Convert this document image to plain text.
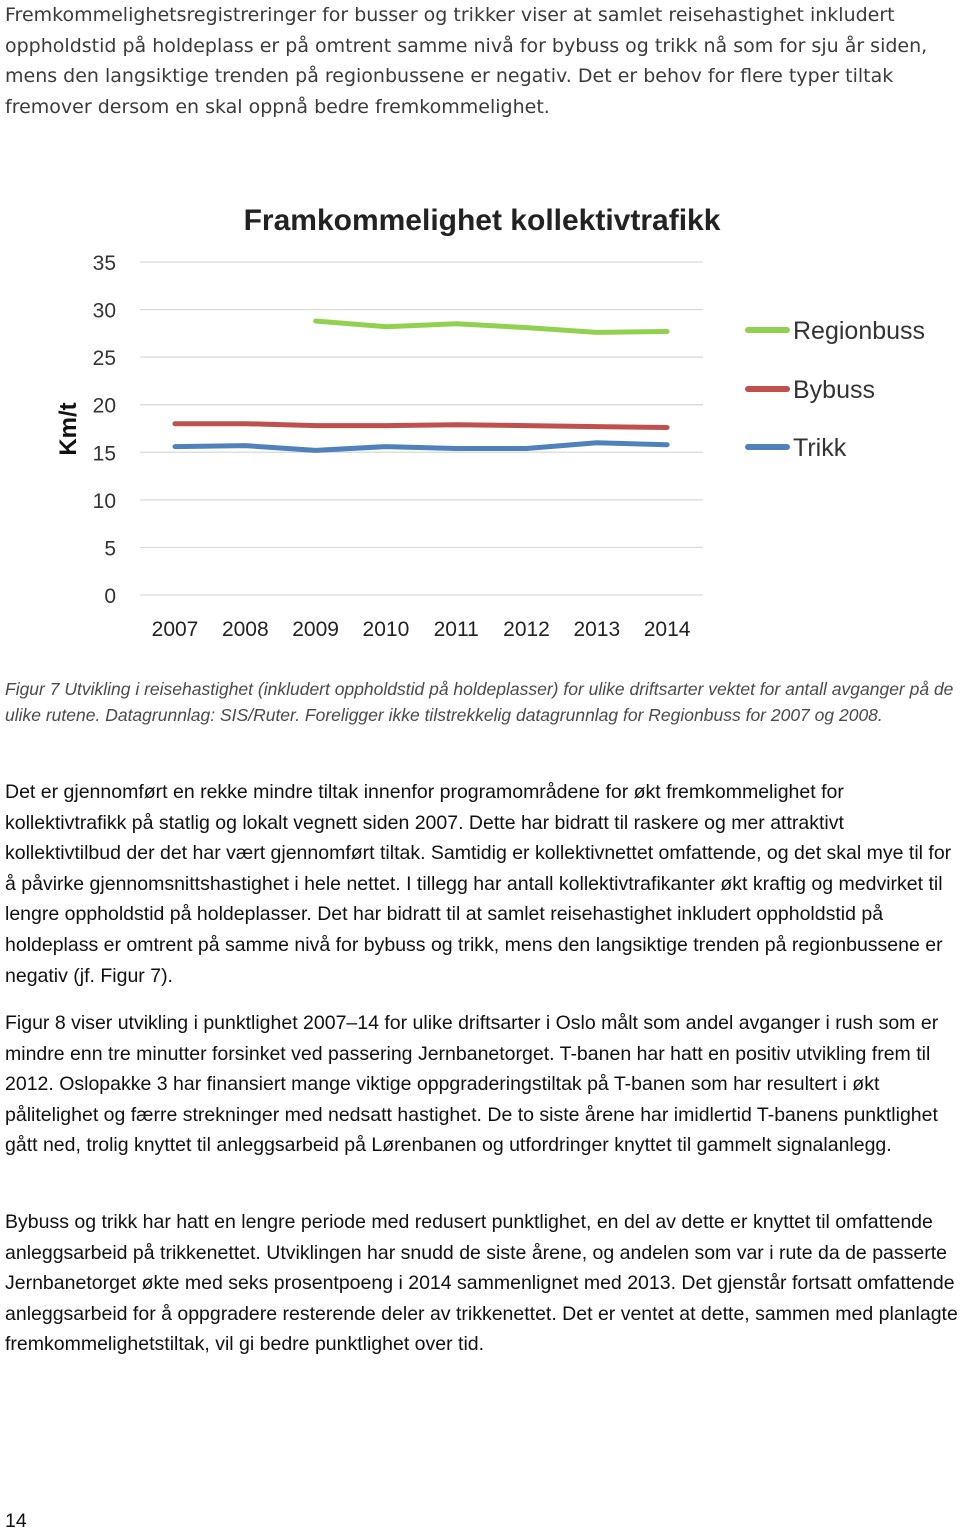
Fremkommelighetsregistreringer for busser og trikker viser at samlet reisehastighet inkludert oppholdstid på holdeplass er på omtrent samme nivå for bybuss og trikk nå som for sju år siden, mens den langsiktige trenden på regionbussene er negativ. Det er behov for flere typer tiltak fremover dersom en skal oppnå bedre fremkommelighet.

Framkommelighet kollektivtrafikk
Km/t
0
5
10
15
20
25
30
35
2007 2008 2009 2010 2011 2012 2013 2014
Regionbuss
Bybuss
Trikk

Figur 7 Utvikling i reisehastighet (inkludert oppholdstid på holdeplasser) for ulike driftsarter vektet for antall avganger på de ulike rutene. Datagrunnlag: SIS/Ruter. Foreligger ikke tilstrekkelig datagrunnlag for Regionbuss for 2007 og 2008.

Det er gjennomført en rekke mindre tiltak innenfor programområdene for økt fremkommelighet for kollektivtrafikk på statlig og lokalt vegnett siden 2007. Dette har bidratt til raskere og mer attraktivt kollektivtilbud der det har vært gjennomført tiltak. Samtidig er kollektivnettet omfattende, og det skal mye til for å påvirke gjennomsnittshastighet i hele nettet. I tillegg har antall kollektivtrafikanter økt kraftig og medvirket til lengre oppholdstid på holdeplasser. Det har bidratt til at samlet reisehastighet inkludert oppholdstid på holdeplass er omtrent på samme nivå for bybuss og trikk, mens den langsiktige trenden på regionbussene er negativ (jf. Figur 7).

Figur 8 viser utvikling i punktlighet 2007–14 for ulike driftsarter i Oslo målt som andel avganger i rush som er mindre enn tre minutter forsinket ved passering Jernbanetorget. T-banen har hatt en positiv utvikling frem til 2012. Oslopakke 3 har finansiert mange viktige oppgraderingstiltak på T-banen som har resultert i økt pålitelighet og færre strekninger med nedsatt hastighet. De to siste årene har imidlertid T-banens punktlighet gått ned, trolig knyttet til anleggsarbeid på Lørenbanen og utfordringer knyttet til gammelt signalanlegg.

Bybuss og trikk har hatt en lengre periode med redusert punktlighet, en del av dette er knyttet til omfattende anleggsarbeid på trikkenettet. Utviklingen har snudd de siste årene, og andelen som var i rute da de passerte Jernbanetorget økte med seks prosentpoeng i 2014 sammenlignet med 2013. Det gjenstår fortsatt omfattende anleggsarbeid for å oppgradere resterende deler av trikkenettet. Det er ventet at dette, sammen med planlagte fremkommelighetstiltak, vil gi bedre punktlighet over tid.

14
